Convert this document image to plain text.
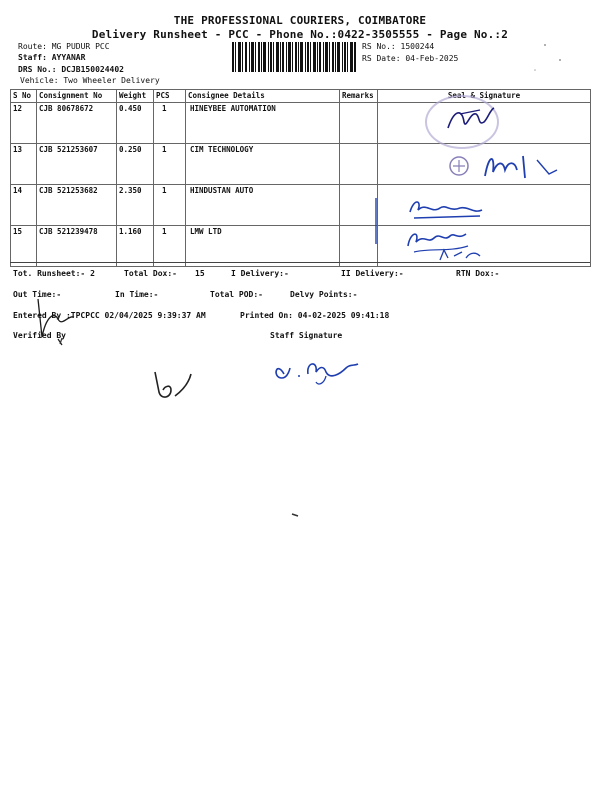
THE PROFESSIONAL COURIERS, COIMBATORE
Delivery Runsheet - PCC - Phone No.:0422-3505555 - Page No.:2
Route: MG PUDUR PCC
Staff: AYYANAR
DRS No.: DCJB150024402
Vehicle: Two Wheeler Delivery
RS No.: 1500244
RS Date: 04-Feb-2025
S No	Consignment No	Weight	PCS	Consignee Details	Remarks	Seal & Signature
12	CJB 80678672	0.450	1	HINEYBEE AUTOMATION		
13	CJB 521253607	0.250	1	CIM TECHNOLOGY		
14	CJB 521253682	2.350	1	HINDUSTAN AUTO		
15	CJB 521239478	1.160	1	LMW LTD		
Ranjiy
Tot. Runsheet:- 2	Total Dox:- 15	I Delivery:-	II Delivery:-	RTN Dox:-
Out Time:-	In Time:-	Total POD:-	Delvy Points:-
Entered By :TPCPCC 02/04/2025 9:39:37 AM	Printed On: 04-02-2025 09:41:18
Verified By	Staff Signature
